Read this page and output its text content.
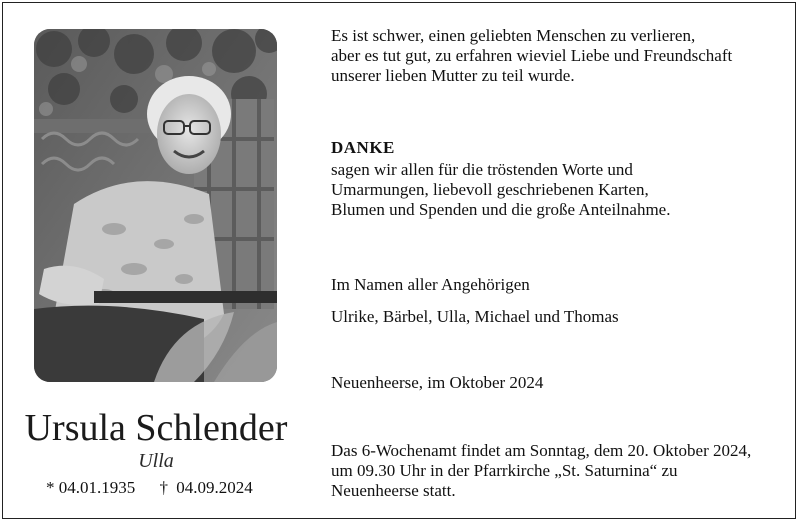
Ursula Schlender
Ulla
* 04.01.1935 † 04.09.2024
Es ist schwer, einen geliebten Menschen zu verlieren,
aber es tut gut, zu erfahren wieviel Liebe und Freundschaft
unserer lieben Mutter zu teil wurde.
DANKE
sagen wir allen für die tröstenden Worte und
Umarmungen, liebevoll geschriebenen Karten,
Blumen und Spenden und die große Anteilnahme.
Im Namen aller Angehörigen
Ulrike, Bärbel, Ulla, Michael und Thomas
Neuenheerse, im Oktober 2024
Das 6-Wochenamt findet am Sonntag, dem 20. Oktober 2024,
um 09.30 Uhr in der Pfarrkirche „St. Saturnina“ zu
Neuenheerse statt.
